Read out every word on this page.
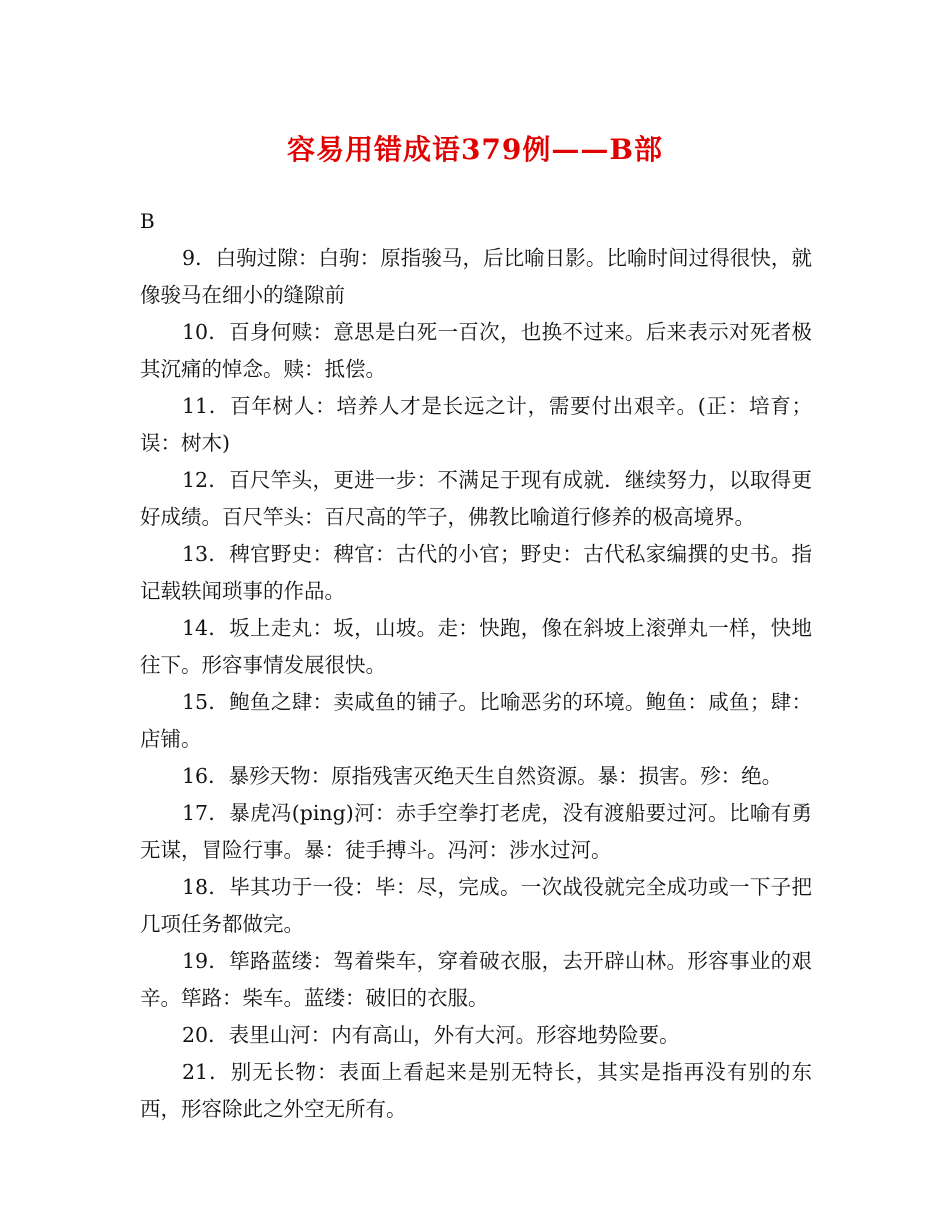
容易用错成语379例——B部

B

9．白驹过隙：白驹：原指骏马，后比喻日影。比喻时间过得很快，就像骏马在细小的缝隙前

10．百身何赎：意思是白死一百次，也换不过来。后来表示对死者极其沉痛的悼念。赎：抵偿。

11．百年树人：培养人才是长远之计，需要付出艰辛。(正：培育；误：树木)

12．百尺竿头，更进一步：不满足于现有成就．继续努力，以取得更好成绩。百尺竿头：百尺高的竿子，佛教比喻道行修养的极高境界。

13．稗官野史：稗官：古代的小官；野史：古代私家编撰的史书。指记载轶闻琐事的作品。

14．坂上走丸：坂，山坡。走：快跑，像在斜坡上滚弹丸一样，快地往下。形容事情发展很快。

15．鲍鱼之肆：卖咸鱼的铺子。比喻恶劣的环境。鲍鱼：咸鱼；肆：店铺。

16．暴殄天物：原指残害灭绝天生自然资源。暴：损害。殄：绝。

17．暴虎冯(ping)河：赤手空拳打老虎，没有渡船要过河。比喻有勇无谋，冒险行事。暴：徒手搏斗。冯河：涉水过河。

18．毕其功于一役：毕：尽，完成。一次战役就完全成功或一下子把几项任务都做完。

19．筚路蓝缕：驾着柴车，穿着破衣服，去开辟山林。形容事业的艰辛。筚路：柴车。蓝缕：破旧的衣服。

20．表里山河：内有高山，外有大河。形容地势险要。

21．别无长物：表面上看起来是别无特长，其实是指再没有别的东西，形容除此之外空无所有。
